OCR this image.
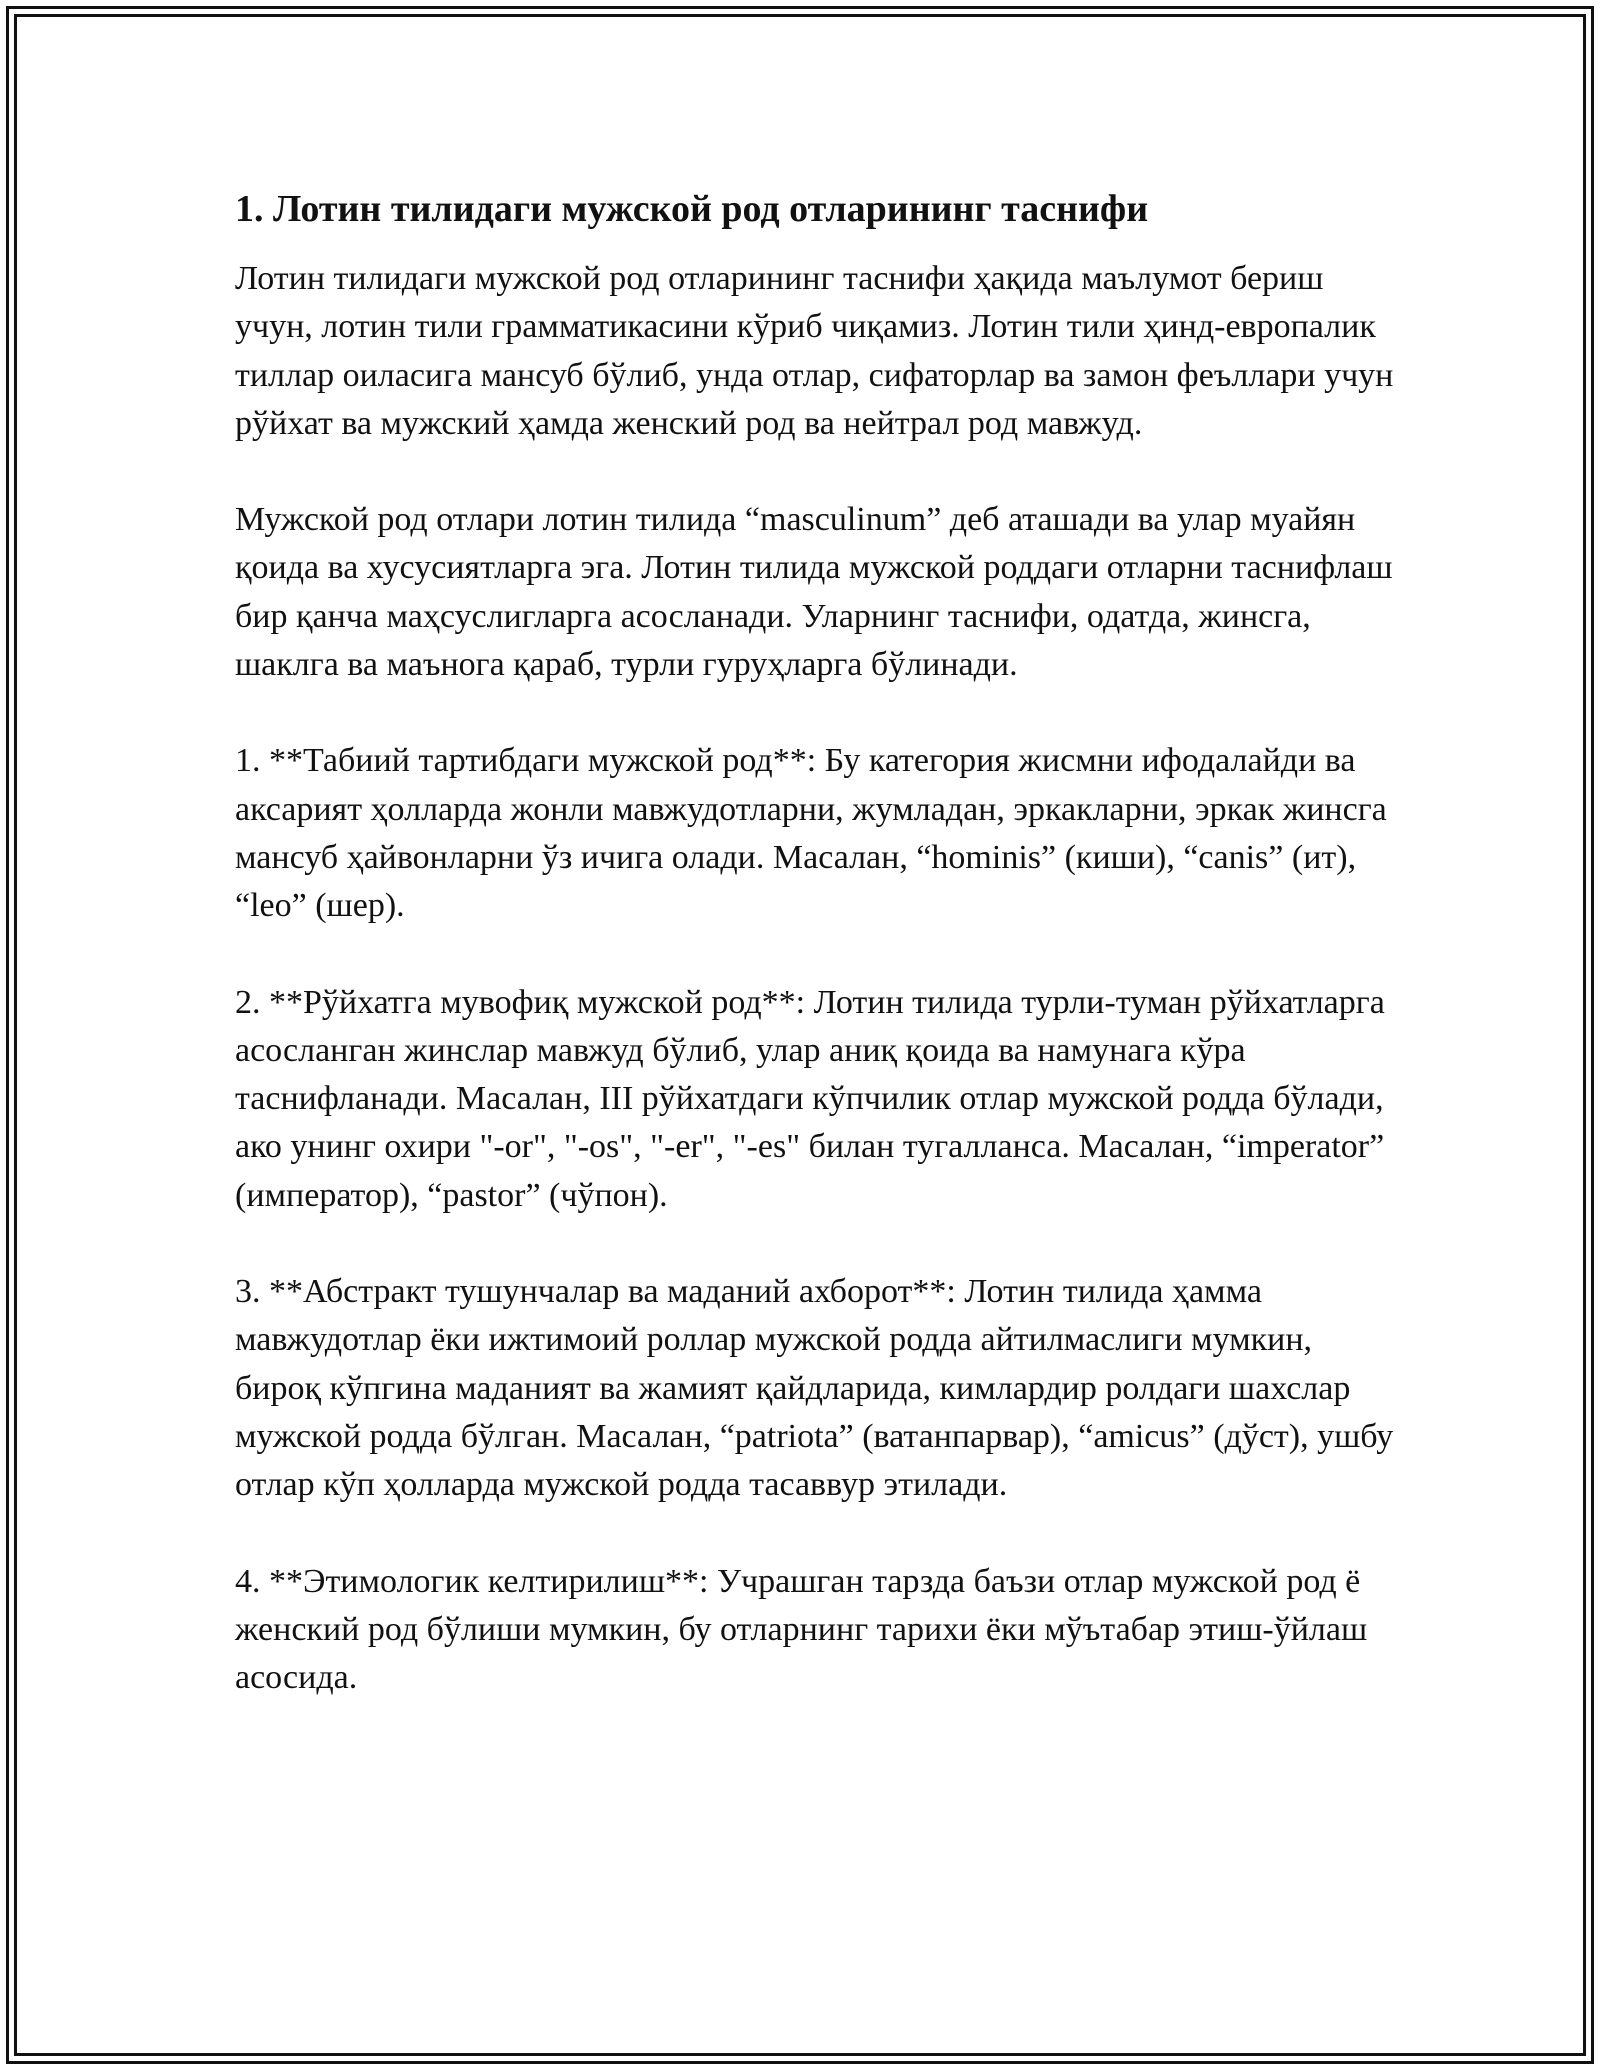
1. Лотин тилидаги мужской род отларининг таснифи

Лотин тилидаги мужской род отларининг таснифи ҳақида маълумот бериш учун, лотин тили грамматикасини кўриб чиқамиз. Лотин тили ҳинд-европалик тиллар оиласига мансуб бўлиб, унда отлар, сифаторлар ва замон феъллари учун рўйхат ва мужский ҳамда женский род ва нейтрал род мавжуд.

Мужской род отлари лотин тилида “masculinum” деб аташади ва улар муайян қоида ва хусусиятларга эга. Лотин тилида мужской роддаги отларни таснифлаш бир қанча маҳсуслигларга асосланади. Уларнинг таснифи, одатда, жинсга, шаклга ва маънога қараб, турли гуруҳларга бўлинади.

1. **Табиий тартибдаги мужской род**: Бу категория жисмни ифодалайди ва аксарият ҳолларда жонли мавжудотларни, жумладан, эркакларни, эркак жинсга мансуб ҳайвонларни ўз ичига олади. Масалан, “hominis” (киши), “canis” (ит), “leo” (шер).

2. **Рўйхатга мувофиқ мужской род**: Лотин тилида турли-туман рўйхатларга асосланган жинслар мавжуд бўлиб, улар аниқ қоида ва намунага кўра таснифланади. Масалан, III рўйхатдаги кўпчилик отлар мужской родда бўлади, ако унинг охири "-or", "-os", "-er", "-es" билан тугалланса. Масалан, “imperator” (император), “pastor” (чўпон).

3. **Абстракт тушунчалар ва маданий ахборот**: Лотин тилида ҳамма мавжудотлар ёки ижтимоий роллар мужской родда айтилмаслиги мумкин, бироқ кўпгина маданият ва жамият қайдларида, кимлардир ролдаги шахслар мужской родда бўлган. Масалан, “patriota” (ватанпарвар), “amicus” (дўст), ушбу отлар кўп ҳолларда мужской родда тасаввур этилади.

4. **Этимологик келтирилиш**: Учрашган тарзда баъзи отлар мужской род ё женский род бўлиши мумкин, бу отларнинг тарихи ёки мўътабар этиш-ўйлаш асосида.
